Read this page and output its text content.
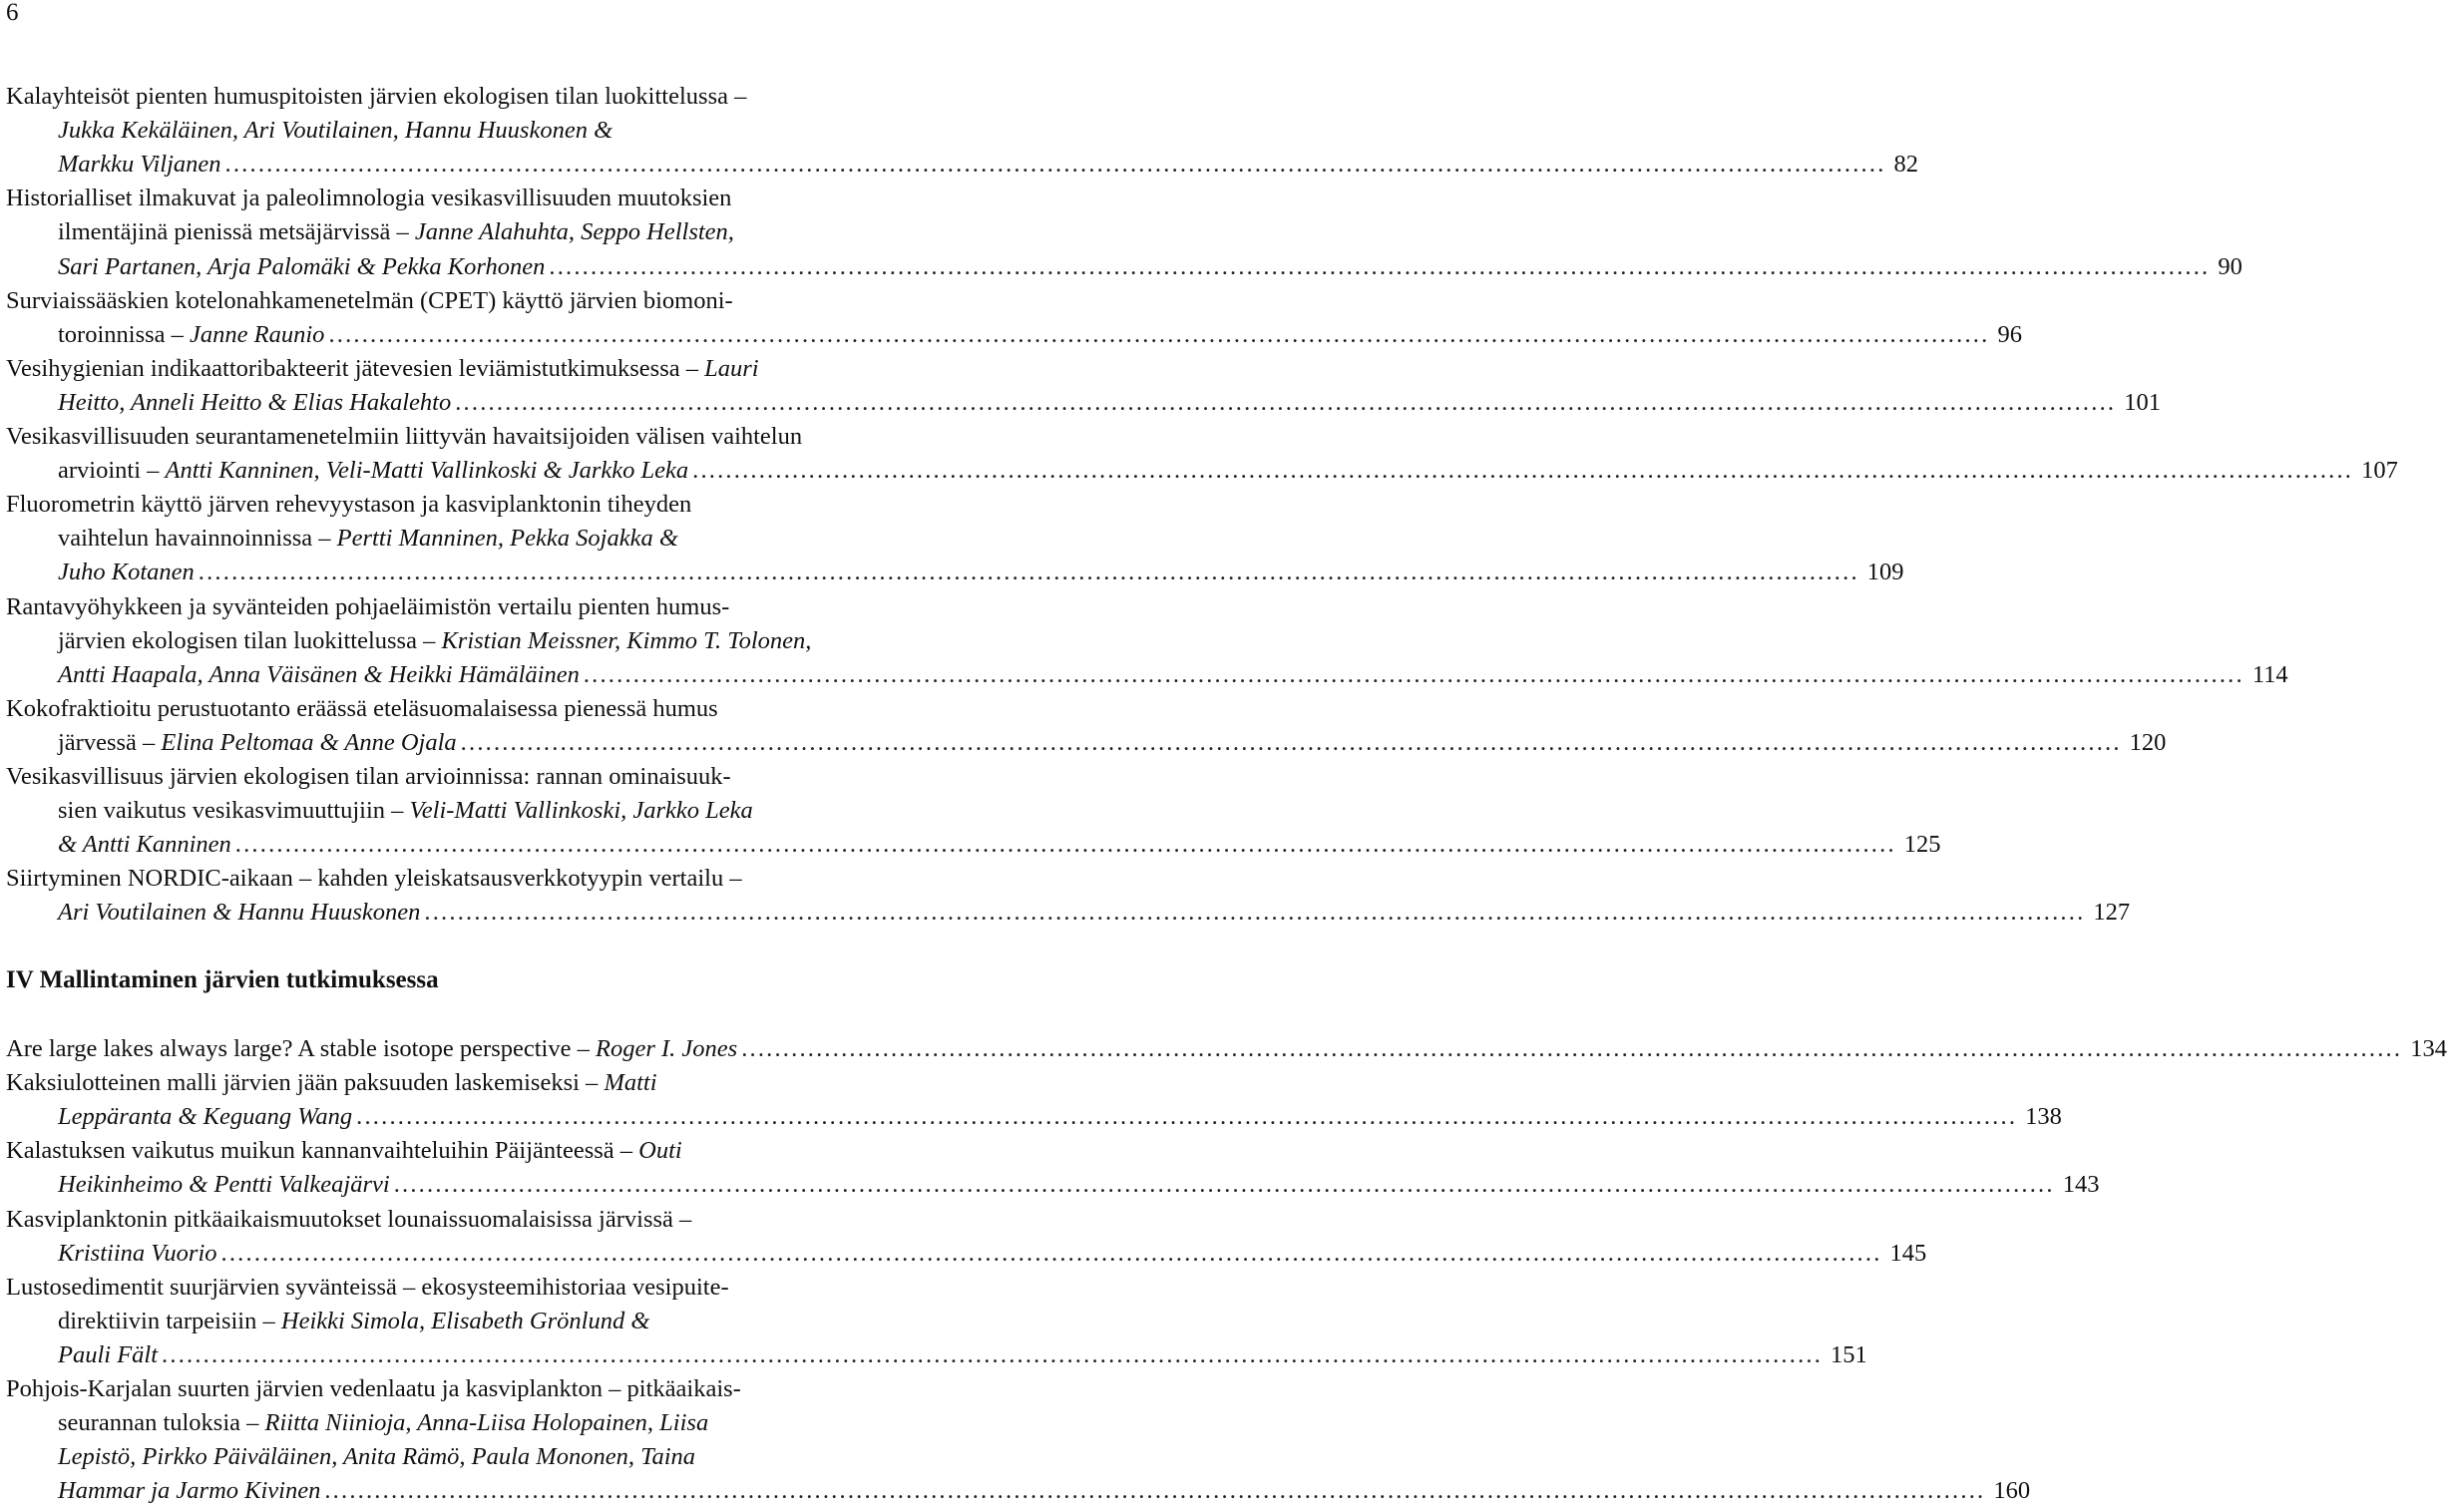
6
Kalayhteisöt pienten humuspitoisten järvien ekologisen tilan luokittelussa –
Jukka Kekäläinen, Ari Voutilainen, Hannu Huuskonen &
Markku Viljanen ........................................................................................................................................................................................................ 82
Historialliset ilmakuvat ja paleolimnologia vesikasvillisuuden muutoksien
ilmentäjinä pienissä metsäjärvissä – Janne Alahuhta, Seppo Hellsten,
Sari Partanen, Arja Palomäki & Pekka Korhonen ........................................................................................................................................................................................................ 90
Surviaissääskien kotelonahkamenetelmän (CPET) käyttö järvien biomoni-
toroinnissa – Janne Raunio ........................................................................................................................................................................................................ 96
Vesihygienian indikaattoribakteerit jätevesien leviämistutkimuksessa – Lauri
Heitto, Anneli Heitto & Elias Hakalehto ........................................................................................................................................................................................................ 101
Vesikasvillisuuden seurantamenetelmiin liittyvän havaitsijoiden välisen vaihtelun
arviointi – Antti Kanninen, Veli-Matti Vallinkoski & Jarkko Leka ........................................................................................................................................................................................................ 107
Fluorometrin käyttö järven rehevyystason ja kasviplanktonin tiheyden
vaihtelun havainnoinnissa – Pertti Manninen, Pekka Sojakka &
Juho Kotanen ........................................................................................................................................................................................................ 109
Rantavyöhykkeen ja syvänteiden pohjaeläimistön vertailu pienten humus-
järvien ekologisen tilan luokittelussa – Kristian Meissner, Kimmo T. Tolonen,
Antti Haapala, Anna Väisänen & Heikki Hämäläinen ........................................................................................................................................................................................................ 114
Kokofraktioitu perustuotanto eräässä eteläsuomalaisessa pienessä humus
järvessä – Elina Peltomaa & Anne Ojala ........................................................................................................................................................................................................ 120
Vesikasvillisuus järvien ekologisen tilan arvioinnissa: rannan ominaisuuk-
sien vaikutus vesikasvimuuttujiin – Veli-Matti Vallinkoski, Jarkko Leka
& Antti Kanninen ........................................................................................................................................................................................................ 125
Siirtyminen NORDIC-aikaan – kahden yleiskatsausverkkotyypin vertailu –
Ari Voutilainen & Hannu Huuskonen ........................................................................................................................................................................................................ 127
IV Mallintaminen järvien tutkimuksessa
Are large lakes always large? A stable isotope perspective – Roger I. Jones ........................................................................................................................................................................................................ 134
Kaksiulotteinen malli järvien jään paksuuden laskemiseksi – Matti
Leppäranta & Keguang Wang ........................................................................................................................................................................................................ 138
Kalastuksen vaikutus muikun kannanvaihteluihin Päijänteessä – Outi
Heikinheimo & Pentti Valkeajärvi ........................................................................................................................................................................................................ 143
Kasviplanktonin pitkäaikaismuutokset lounaissuomalaisissa järvissä –
Kristiina Vuorio ........................................................................................................................................................................................................ 145
Lustosedimentit suurjärvien syvänteissä – ekosysteemihistoriaa vesipuite-
direktiivin tarpeisiin – Heikki Simola, Elisabeth Grönlund &
Pauli Fält ........................................................................................................................................................................................................ 151
Pohjois-Karjalan suurten järvien vedenlaatu ja kasviplankton – pitkäaikais-
seurannan tuloksia – Riitta Niinioja, Anna-Liisa Holopainen, Liisa
Lepistö, Pirkko Päiväläinen, Anita Rämö, Paula Mononen, Taina
Hammar ja Jarmo Kivinen ........................................................................................................................................................................................................ 160
